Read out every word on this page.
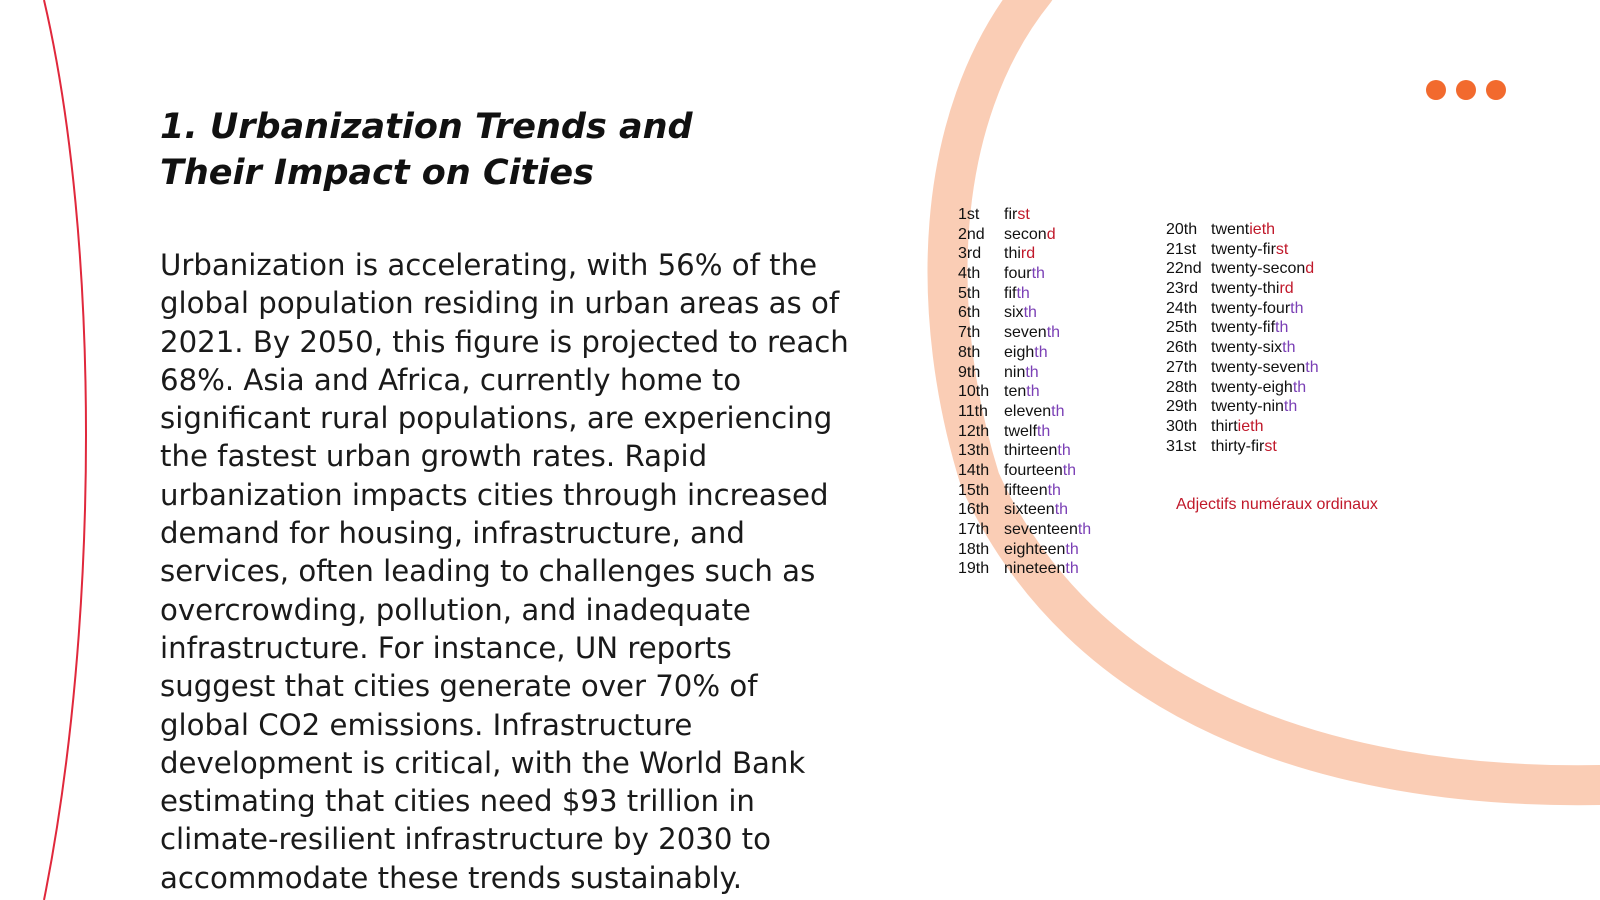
1. Urbanization Trends and Their Impact on Cities

Urbanization is accelerating, with 56% of the global population residing in urban areas as of 2021. By 2050, this figure is projected to reach 68%. Asia and Africa, currently home to significant rural populations, are experiencing the fastest urban growth rates. Rapid urbanization impacts cities through increased demand for housing, infrastructure, and services, often leading to challenges such as overcrowding, pollution, and inadequate infrastructure. For instance, UN reports suggest that cities generate over 70% of global CO2 emissions. Infrastructure development is critical, with the World Bank estimating that cities need $93 trillion in climate-resilient infrastructure by 2030 to accommodate these trends sustainably.

1st	first
2nd	second
3rd	third
4th	fourth
5th	fifth
6th	sixth
7th	seventh
8th	eighth
9th	ninth
10th tenth
11th	eleventh
12th twelfth
13th thirteenth
14th fourteenth
15th fifteenth
16th sixteenth
17th seventeenth
18th eighteenth
19th nineteenth
20th twentieth
21st twenty-first
22nd twenty-second
23rd twenty-third
24th twenty-fourth
25th twenty-fifth
26th twenty-sixth
27th twenty-seventh
28th twenty-eighth
29th twenty-ninth
30th thirtieth
31st thirty-first
Adjectifs numéraux ordinaux
